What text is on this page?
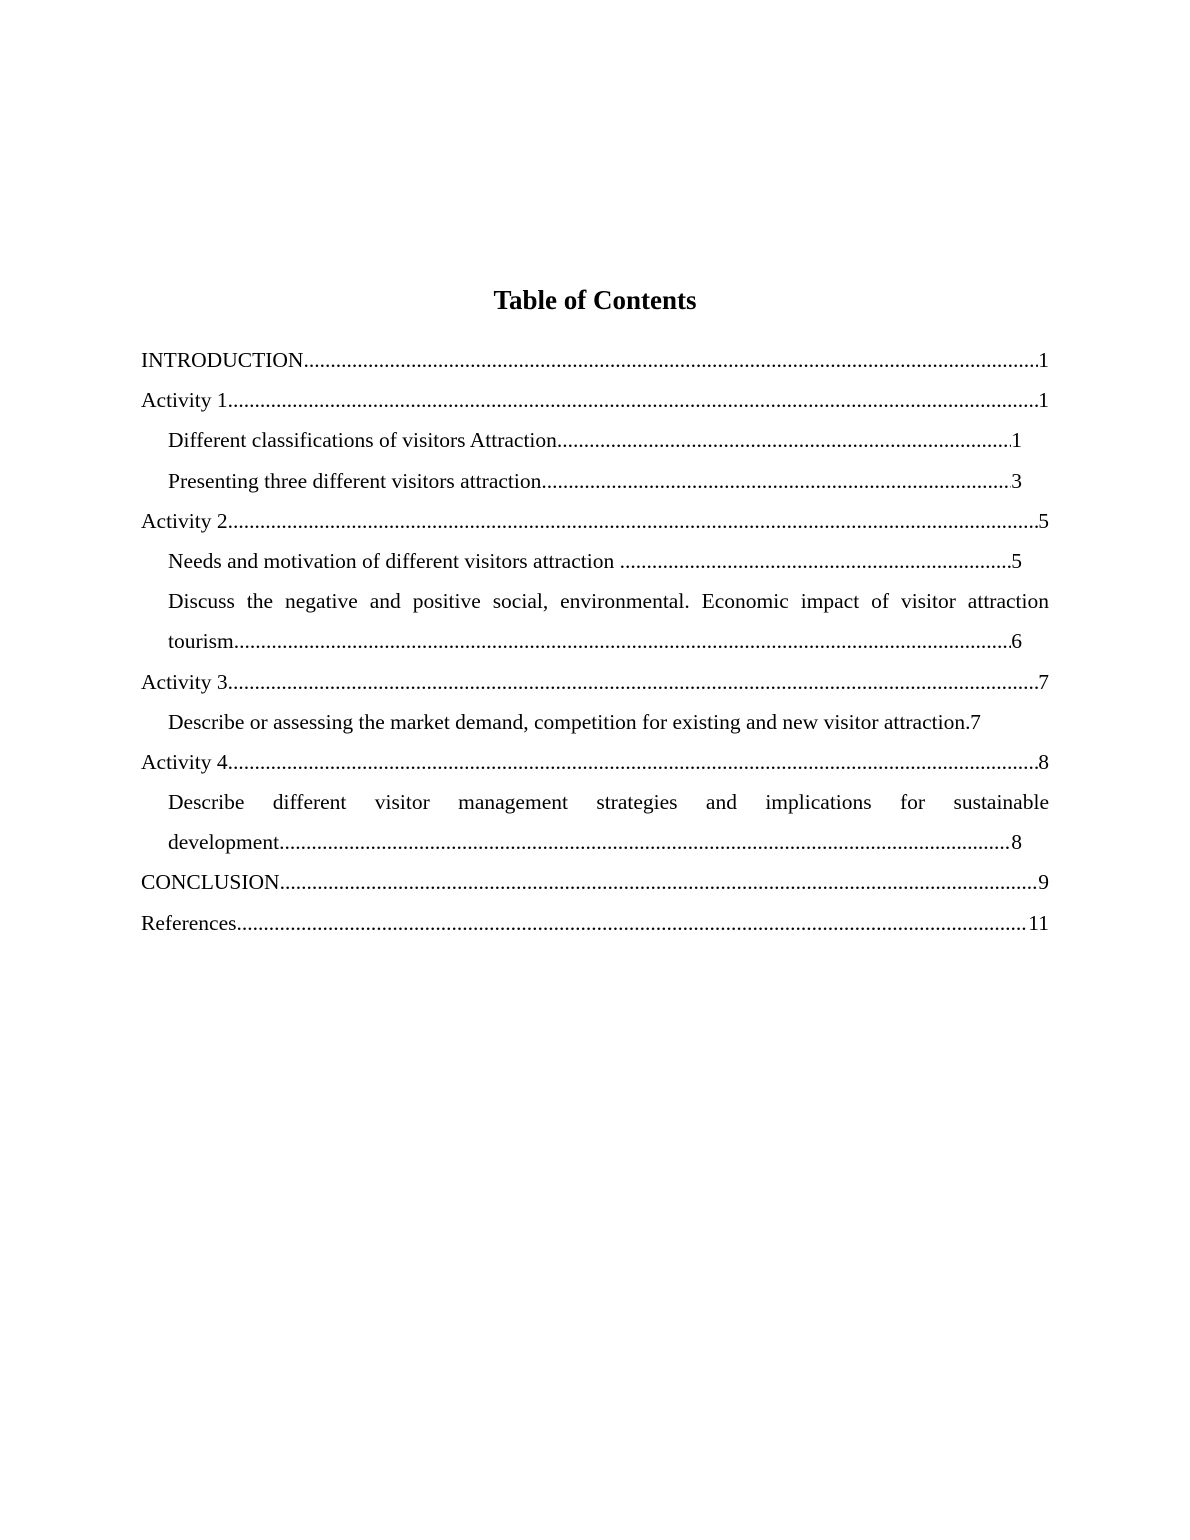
Table of Contents
INTRODUCTION .....	1
Activity 1 .....	1
Different classifications of visitors Attraction .....	1
Presenting three different visitors attraction .....	3
Activity 2 .....	5
Needs and motivation of different visitors attraction .....	5
Discuss the negative and positive social, environmental. Economic impact of visitor attraction
tourism .....	6
Activity 3 .....	7
Describe or assessing the market demand, competition for existing and new visitor attraction ..... 7
Activity 4 .....	8
Describe different visitor management strategies and implications for sustainable
development .....	8
CONCLUSION .....	9
References .....	11
